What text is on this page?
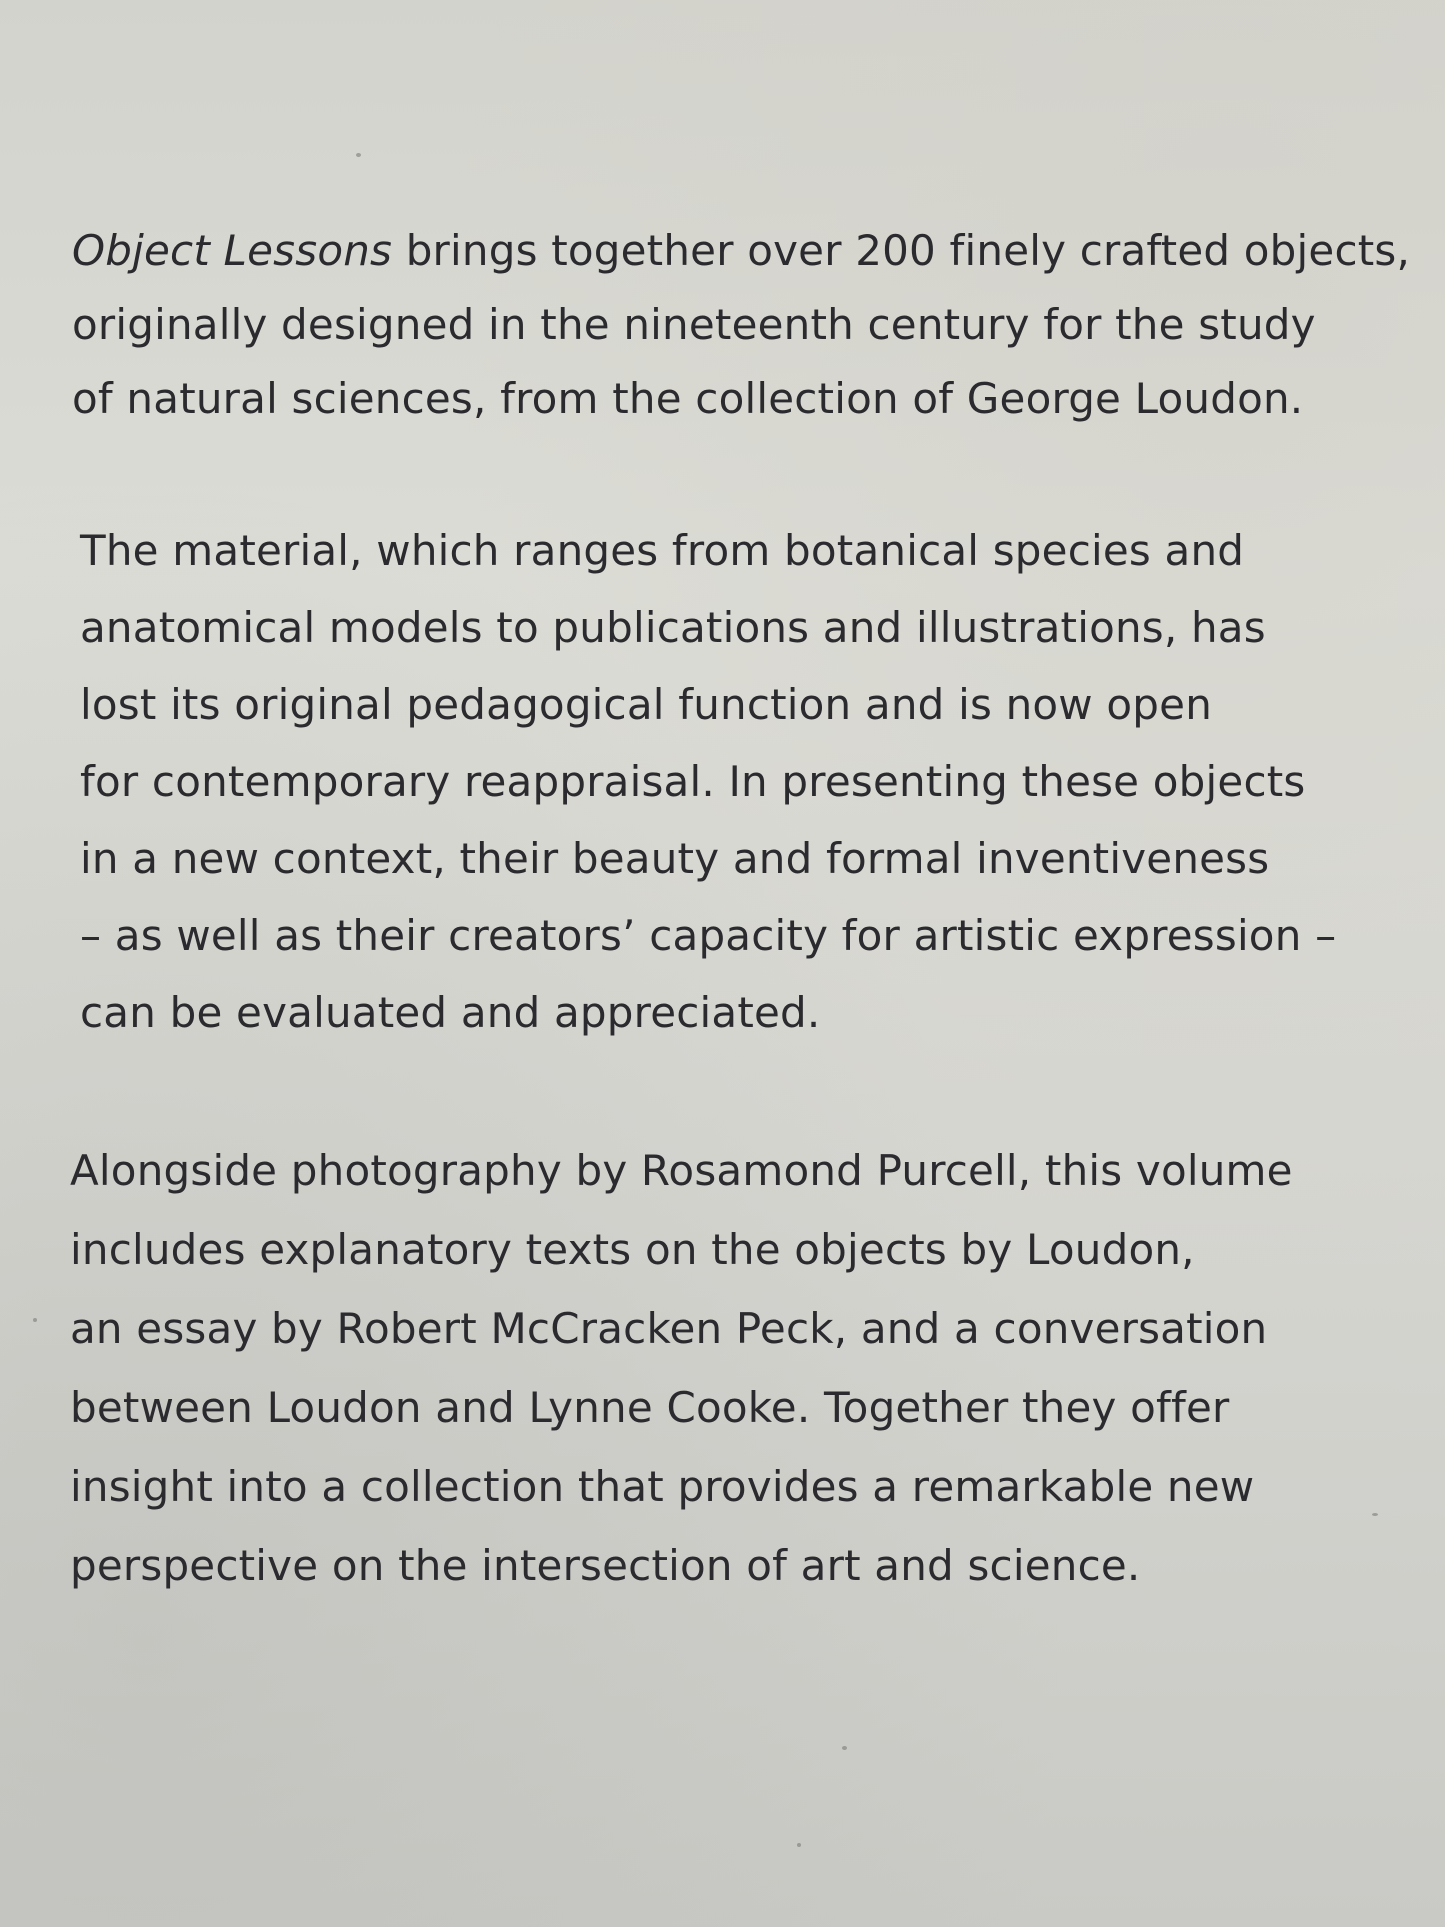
Object Lessons brings together over 200 finely crafted objects,
originally designed in the nineteenth century for the study
of natural sciences, from the collection of George Loudon.
The material, which ranges from botanical species and
anatomical models to publications and illustrations, has
lost its original pedagogical function and is now open
for contemporary reappraisal. In presenting these objects
in a new context, their beauty and formal inventiveness
– as well as their creators’ capacity for artistic expression –
can be evaluated and appreciated.
Alongside photography by Rosamond Purcell, this volume
includes explanatory texts on the objects by Loudon,
an essay by Robert McCracken Peck, and a conversation
between Loudon and Lynne Cooke. Together they offer
insight into a collection that provides a remarkable new
perspective on the intersection of art and science.
